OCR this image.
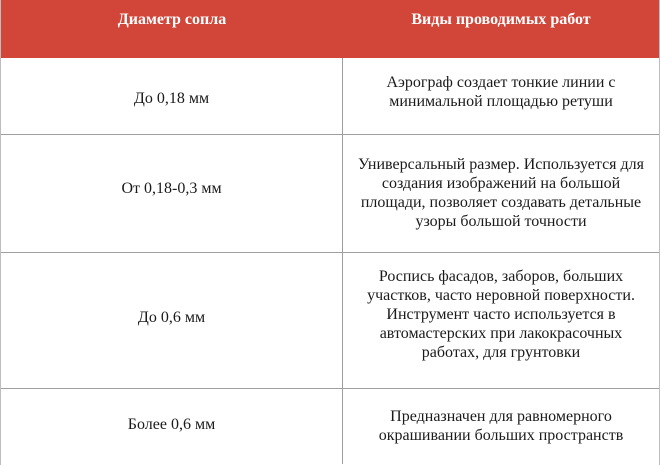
Диаметр сопла	Виды проводимых работ
До 0,18 мм
Аэрограф создает тонкие линии с минимальной площадью ретуши
От 0,18-0,3 мм
Универсальный размер. Используется для создания изображений на большой площади, позволяет создавать детальные узоры большой точности
До 0,6 мм
Роспись фасадов, заборов, больших участков, часто неровной поверхности. Инструмент часто используется в автомастерских при лакокрасочных работах, для грунтовки
Более 0,6 мм	Предназначен для равномерного окрашивании больших пространств
